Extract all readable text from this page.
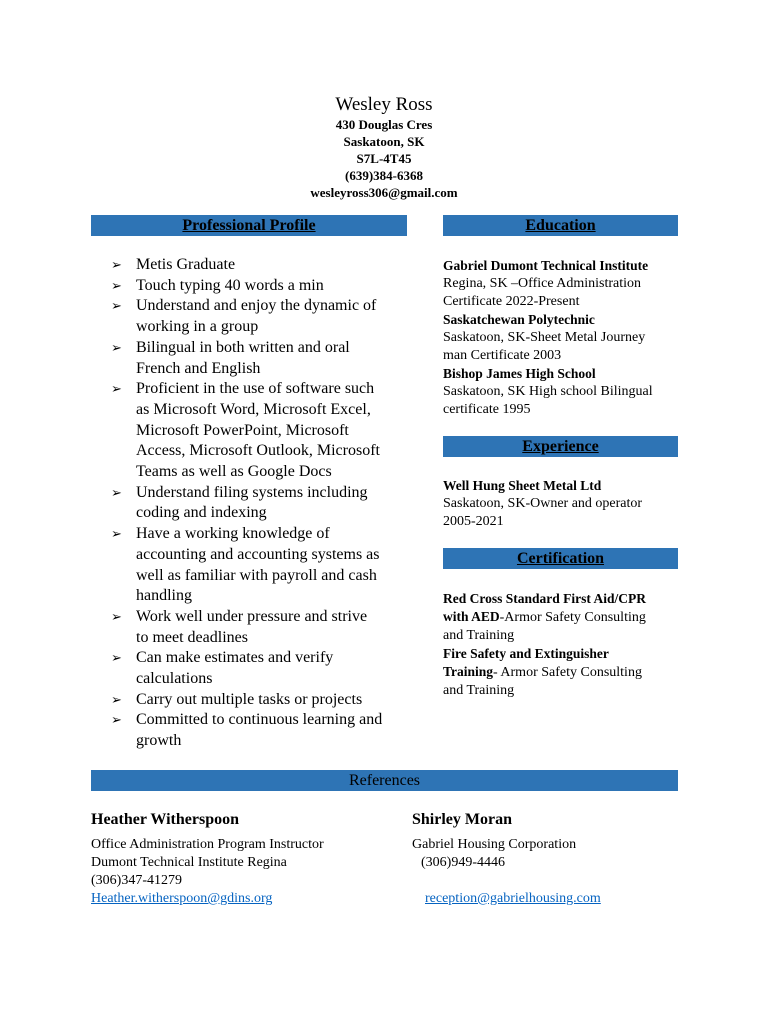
Wesley Ross
430 Douglas Cres
Saskatoon, SK
S7L-4T45
(639)384-6368
wesleyross306@gmail.com
Professional Profile
➢ Metis Graduate
➢ Touch typing 40 words a min
➢ Understand and enjoy the dynamic of
working in a group
➢ Bilingual in both written and oral
French and English
➢ Proficient in the use of software such
as Microsoft Word, Microsoft Excel,
Microsoft PowerPoint, Microsoft
Access, Microsoft Outlook, Microsoft
Teams as well as Google Docs
➢ Understand filing systems including
coding and indexing
➢ Have a working knowledge of
accounting and accounting systems as
well as familiar with payroll and cash
handling
➢ Work well under pressure and strive
to meet deadlines
➢ Can make estimates and verify
calculations
➢ Carry out multiple tasks or projects
➢ Committed to continuous learning and
growth
Education
Gabriel Dumont Technical Institute
Regina, SK –Office Administration
Certificate 2022-Present
Saskatchewan Polytechnic
Saskatoon, SK-Sheet Metal Journey
man Certificate 2003
Bishop James High School
Saskatoon, SK High school Bilingual
certificate 1995
Experience
Well Hung Sheet Metal Ltd
Saskatoon, SK-Owner and operator
2005-2021
Certification
Red Cross Standard First Aid/CPR
with AED-Armor Safety Consulting
and Training
Fire Safety and Extinguisher
Training- Armor Safety Consulting
and Training
References
Heather Witherspoon
Office Administration Program Instructor
Dumont Technical Institute Regina
(306)347-41279
Heather.witherspoon@gdins.org
Shirley Moran
Gabriel Housing Corporation
(306)949-4446
reception@gabrielhousing.com
